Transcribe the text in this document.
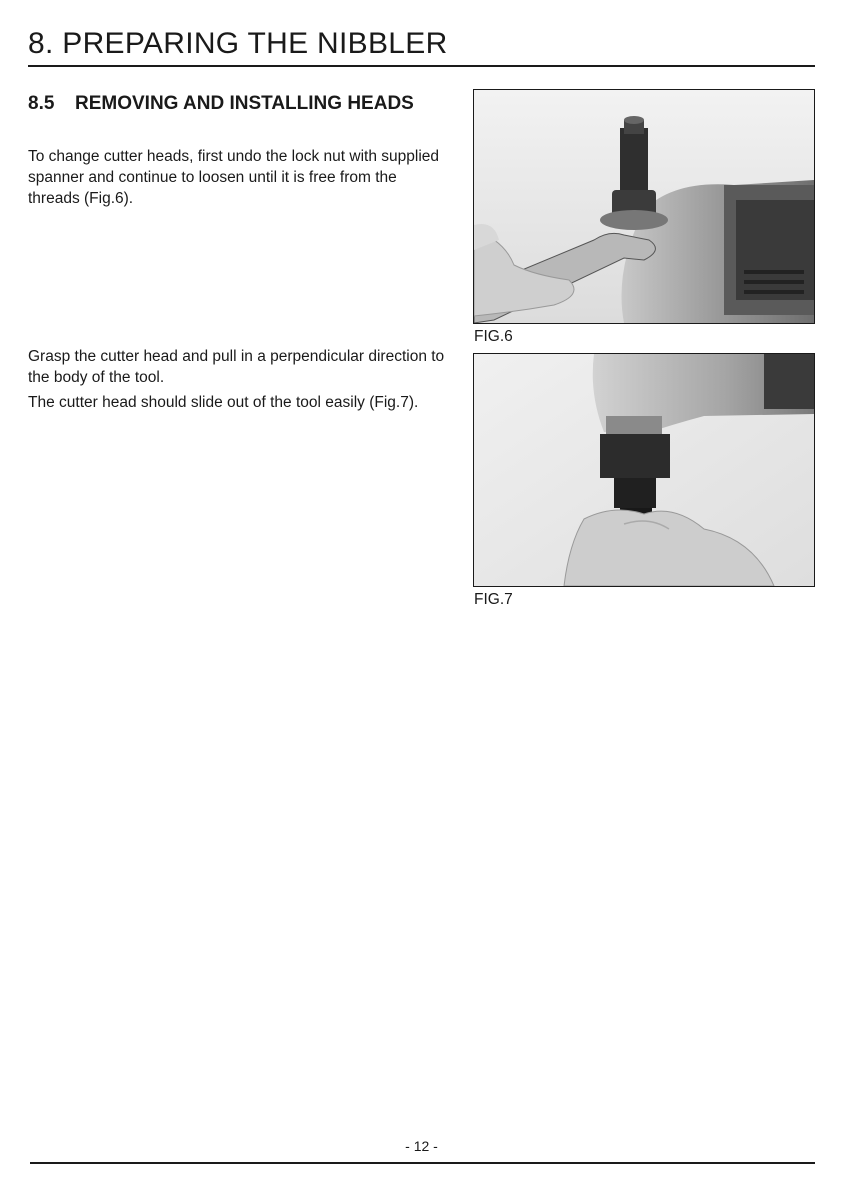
8. PREPARING THE NIBBLER
8.5 REMOVING AND INSTALLING HEADS
To change cutter heads, first undo the lock nut with supplied spanner and continue to loosen until it is free from the threads (Fig.6).
Grasp the cutter head and pull in a perpendicular direction to the body of the tool.
The cutter head should slide out of the tool easily (Fig.7).
FIG.6
FIG.7
- 12 -
